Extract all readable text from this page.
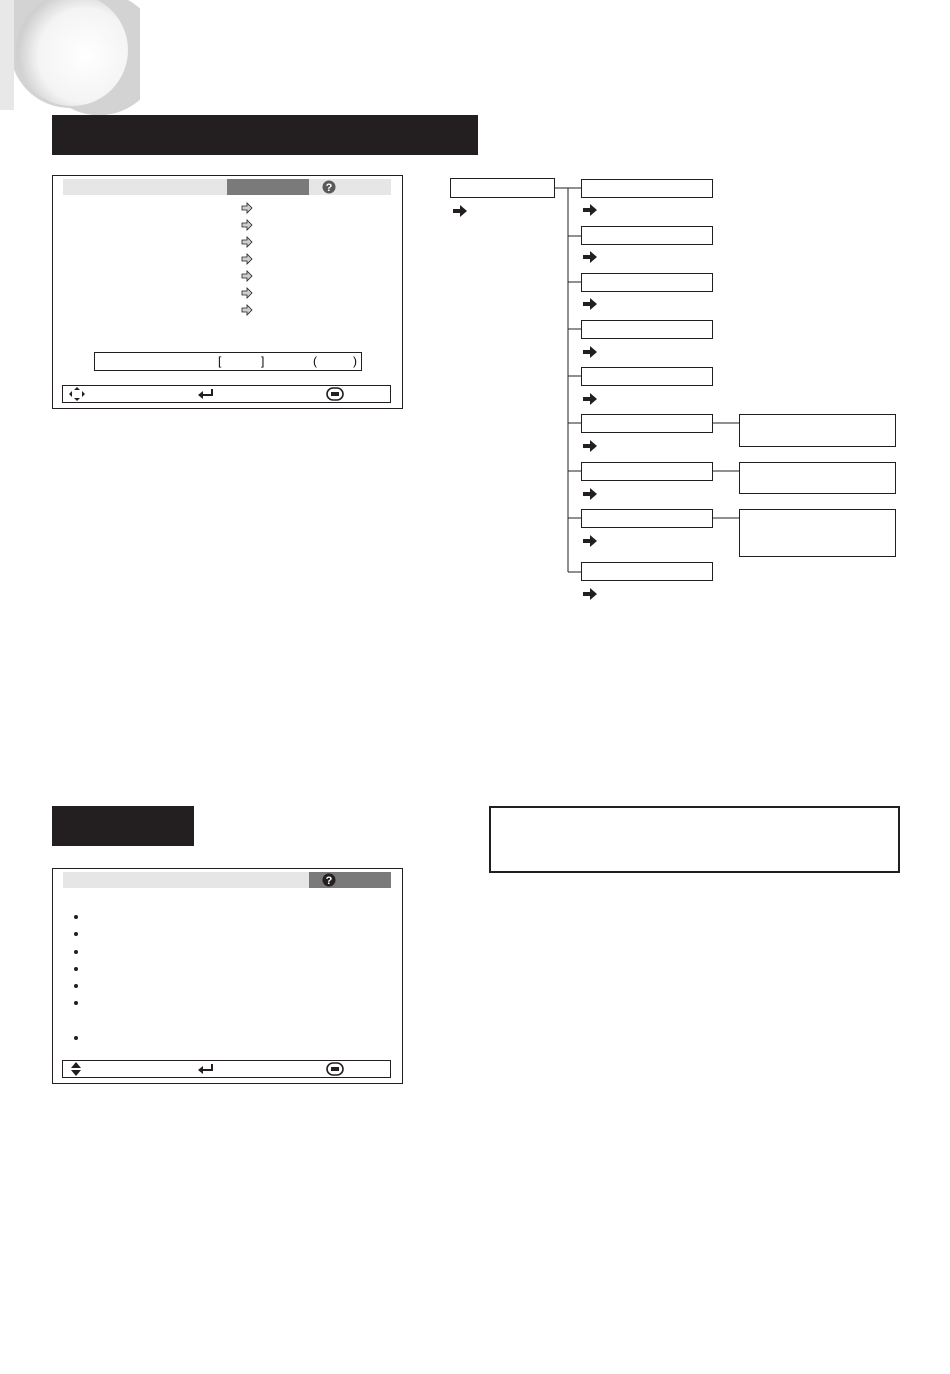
?
[	]	(	)
?
